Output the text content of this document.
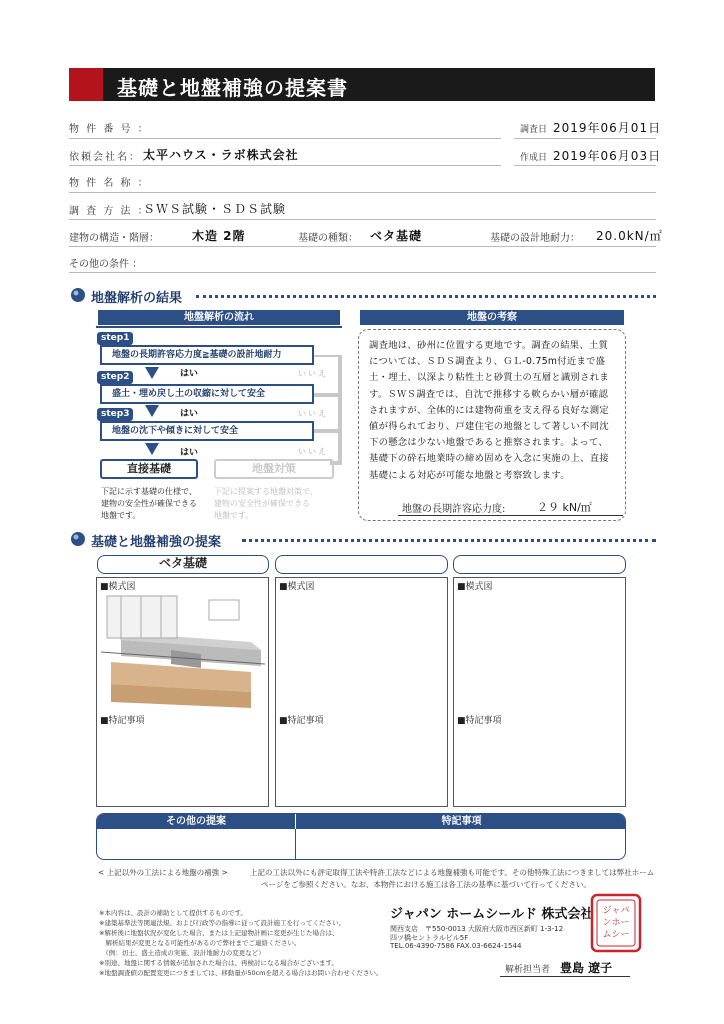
基礎と地盤補強の提案書
物 件 番 号 ：	調査日 2019年06月01日
依頼会社名： 太平ハウス・ラボ株式会社	作成日 2019年06月03日
物 件 名 称 ：
調 査 方 法 ：
ＳＷＳ試験・ＳＤＳ試験
建物の構造・階層：	木造 2階	基礎の種類： ベタ基礎	基礎の設計地耐力： 20.0kN/㎡
その他の条件 ：
地盤解析の結果
地盤解析の流れ
step1
地盤の長期許容応力度≧基礎の設計地耐力
はい	いいえ
step2
盛土・埋め戻し土の収縮に対して安全
はい	いいえ
step3
地盤の沈下や傾きに対して安全
はい	いいえ
直接基礎	地盤対策
下記に示す基礎の仕様で、
建物の安全性が確保できる
地盤です。
下記に提案する地盤対策で、
建物の安全性が確保できる
地盤です。
地盤の考察
調査地は、砂州に位置する更地です。調査の結果、土質については、ＳＤＳ調査より、ＧＬ-0.75m付近まで盛土・埋土、以深より粘性土と砂質土の互層と識別されます。ＳＷＳ調査では、自沈で推移する軟らかい層が確認されますが、全体的には建物荷重を支え得る良好な測定値が得られており、戸建住宅の地盤として著しい不同沈下の懸念は少ない地盤であると推察されます。よって、基礎下の砕石地業時の締め固めを入念に実施の上、直接基礎による対応が可能な地盤と考察致します。
地盤の長期許容応力度:	２９ kN/㎡
基礎と地盤補強の提案
ベタ基礎
■模式図
■特記事項
■模式図
■特記事項
■模式図
■特記事項
その他の提案	特記事項
< 上記以外の工法による地盤の補強 >	上記の工法以外にも評定取得工法や特許工法などによる地盤補強も可能です。その他特殊工法につきましては弊社ホーム
ページをご参照ください。なお、本物件における施工は各工法の基準に基づいて行ってください。
※本内容は、設計の補助として提供するものです。
※建築基準法等関連法規、および行政等の指導に従って設計施工を行ってください。
※解析後に地盤状況が変化した場合、または上記建物計画に変更が生じた場合は、
　解析結果が変更となる可能性があるので弊社までご連絡ください。
　（例：切土、盛土造成の実施、設計地耐力の変更など）
※別途、地盤に関する情報が追加された場合は、再検討になる場合がございます。
※地盤調査値の配置変更につきましては、移動量が50cmを超える場合はお問い合わせください。
ジャパン ホームシールド 株式会社
関西支店　〒550-0013 大阪府大阪市西区新町 1-3-12
四ツ橋セントラルビル5F
TEL.06-4390-7586 FAX.03-6624-1544
解析担当者 豊島 遼子
ジャパ
ンホー
ムシー
